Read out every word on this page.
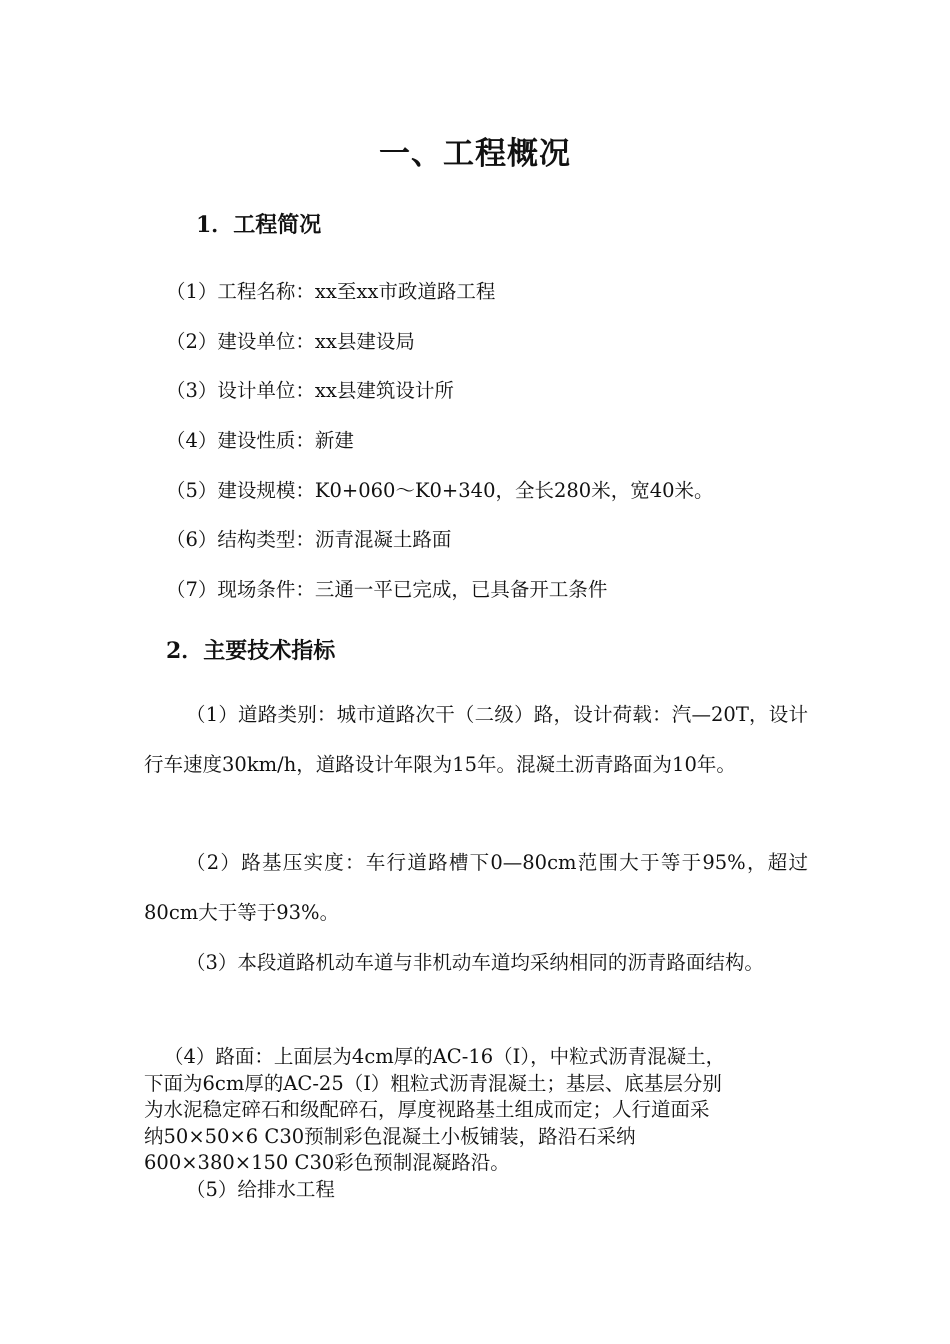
一、工程概况
1．工程简况
（1）工程名称：xx至xx市政道路工程
（2）建设单位：xx县建设局
（3）设计单位：xx县建筑设计所
（4）建设性质：新建
（5）建设规模：K0+060～K0+340，全长280米，宽40米。
（6）结构类型：沥青混凝土路面
（7）现场条件：三通一平已完成，已具备开工条件
2．主要技术指标
（1）道路类别：城市道路次干（二级）路，设计荷载：汽—20T，设计行车速度30km/h，道路设计年限为15年。混凝土沥青路面为10年。
（2）路基压实度：车行道路槽下0—80cm范围大于等于95%，超过80cm大于等于93%。
（3）本段道路机动车道与非机动车道均采纳相同的沥青路面结构。
（4）路面：上面层为4cm厚的AC-16（Ⅰ），中粒式沥青混凝土，
下面为6cm厚的AC-25（Ⅰ）粗粒式沥青混凝土；基层、底基层分别
为水泥稳定碎石和级配碎石，厚度视路基土组成而定；人行道面采
纳50×50×6 C30预制彩色混凝土小板铺装，路沿石采纳
600×380×150 C30彩色预制混凝路沿。
（5）给排水工程
